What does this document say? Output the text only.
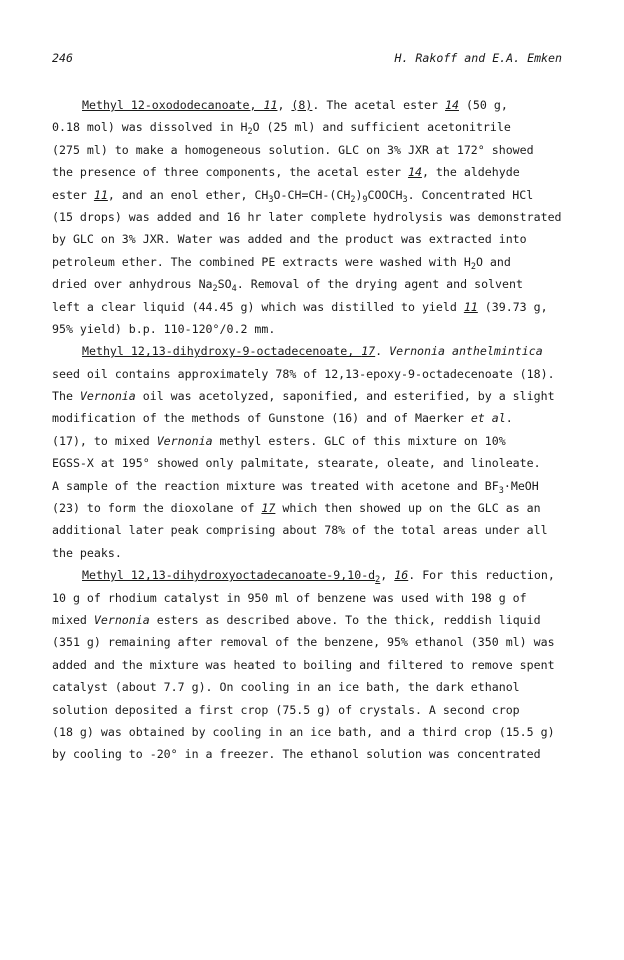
246	H. Rakoff and E.A. Emken
Methyl 12-oxododecanoate, 11, (8). The acetal ester 14 (50 g,
0.18 mol) was dissolved in $H_2O$ (25 ml) and sufficient acetonitrile
(275 ml) to make a homogeneous solution. GLC on 3% JXR at 172° showed
the presence of three components, the acetal ester 14, the aldehyde
ester 11, and an enol ether, $CH_3O-CH=CH-(CH_2)_9COOCH_3$. Concentrated HCl
(15 drops) was added and 16 hr later complete hydrolysis was demonstrated
by GLC on 3% JXR. Water was added and the product was extracted into
petroleum ether. The combined PE extracts were washed with $H_2O$ and
dried over anhydrous $Na_2SO_4$. Removal of the drying agent and solvent
left a clear liquid (44.45 g) which was distilled to yield 11 (39.73 g,
95% yield) b.p. 110-120°/0.2 mm.
Methyl 12,13-dihydroxy-9-octadecenoate, 17. Vernonia anthelmintica
seed oil contains approximately 78% of 12,13-epoxy-9-octadecenoate (18).
The Vernonia oil was acetolyzed, saponified, and esterified, by a slight
modification of the methods of Gunstone (16) and of Maerker et al.
(17), to mixed Vernonia methyl esters. GLC of this mixture on 10%
EGSS-X at 195° showed only palmitate, stearate, oleate, and linoleate.
A sample of the reaction mixture was treated with acetone and $BF_3\cdot MeOH$
(23) to form the dioxolane of 17 which then showed up on the GLC as an
additional later peak comprising about 78% of the total areas under all
the peaks.
Methyl $12,13-dihydroxyoctadecanoate-9,10-d_2$, 16. For this reduction,
10 g of rhodium catalyst in 950 ml of benzene was used with 198 g of
mixed Vernonia esters as described above. To the thick, reddish liquid
(351 g) remaining after removal of the benzene, 95% ethanol (350 ml) was
added and the mixture was heated to boiling and filtered to remove spent
catalyst (about 7.7 g). On cooling in an ice bath, the dark ethanol
solution deposited a first crop (75.5 g) of crystals. A second crop
(18 g) was obtained by cooling in an ice bath, and a third crop (15.5 g)
by cooling to -20° in a freezer. The ethanol solution was concentrated
